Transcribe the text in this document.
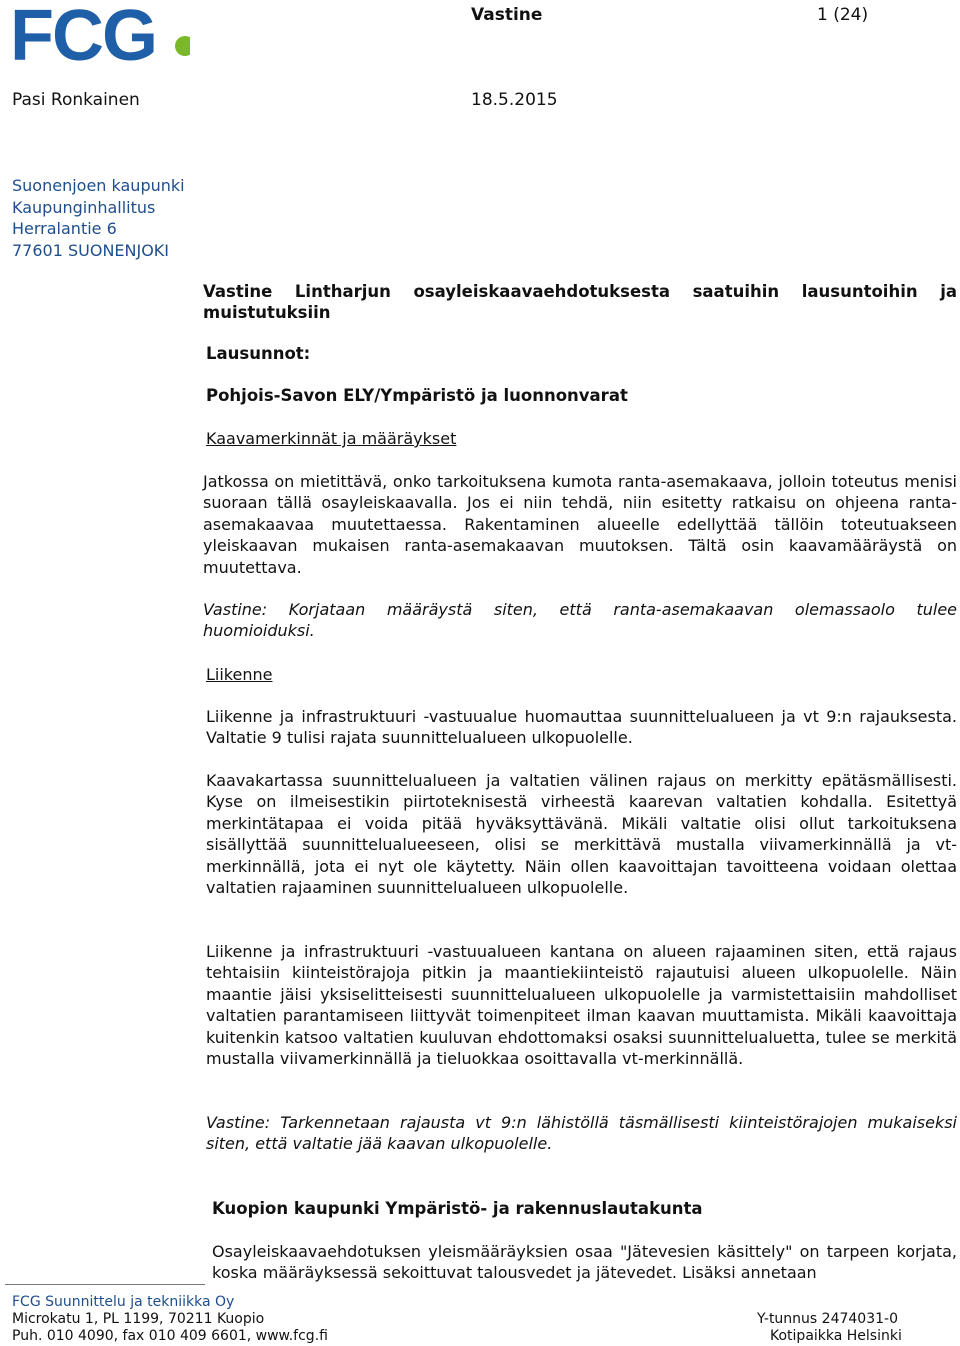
FCG	Vastine	1 (24)
Pasi Ronkainen	18.5.2015
Suonenjoen kaupunki
Kaupunginhallitus
Herralantie 6
77601 SUONENJOKI

Vastine Lintharjun osayleiskaavaehdotuksesta saatuihin lausuntoihin ja muistutuksiin

Lausunnot:
Pohjois-Savon ELY/Ympäristö ja luonnonvarat
Kaavamerkinnät ja määräykset

Jatkossa on mietittävä, onko tarkoituksena kumota ranta-asemakaava, jolloin toteutus menisi suoraan tällä osayleiskaavalla. Jos ei niin tehdä, niin esitetty ratkaisu on ohjeena ranta-asemakaavaa muutettaessa. Rakentaminen alueelle edellyttää tällöin toteutuakseen yleiskaavan mukaisen ranta-asemakaavan muutoksen. Tältä osin kaavamääräystä on muutettava.

Vastine: Korjataan määräystä siten, että ranta-asemakaavan olemassaolo tulee huomioiduksi.

Liikenne

Liikenne ja infrastruktuuri -vastuualue huomauttaa suunnittelualueen ja vt 9:n rajauksesta. Valtatie 9 tulisi rajata suunnittelualueen ulkopuolelle.

Kaavakartassa suunnittelualueen ja valtatien välinen rajaus on merkitty epätäsmällisesti. Kyse on ilmeisestikin piirtoteknisestä virheestä kaarevan valtatien kohdalla. Esitettyä merkintätapaa ei voida pitää hyväksyttävänä. Mikäli valtatie olisi ollut tarkoituksena sisällyttää suunnittelualueeseen, olisi se merkittävä mustalla viivamerkinnällä ja vt-merkinnällä, jota ei nyt ole käytetty. Näin ollen kaavoittajan tavoitteena voidaan olettaa valtatien rajaaminen suunnittelualueen ulkopuolelle.

Liikenne ja infrastruktuuri -vastuualueen kantana on alueen rajaaminen siten, että rajaus tehtaisiin kiinteistörajoja pitkin ja maantiekiinteistö rajautuisi alueen ulkopuolelle. Näin maantie jäisi yksiselitteisesti suunnittelualueen ulkopuolelle ja varmistettaisiin mahdolliset valtatien parantamiseen liittyvät toimenpiteet ilman kaavan muuttamista. Mikäli kaavoittaja kuitenkin katsoo valtatien kuuluvan ehdottomaksi osaksi suunnittelualuetta, tulee se merkitä mustalla viivamerkinnällä ja tieluokkaa osoittavalla vt-merkinnällä.

Vastine: Tarkennetaan rajausta vt 9:n lähistöllä täsmällisesti kiinteistörajojen mukaiseksi siten, että valtatie jää kaavan ulkopuolelle.

Kuopion kaupunki Ympäristö- ja rakennuslautakunta

Osayleiskaavaehdotuksen yleismääräyksien osaa "Jätevesien käsittely" on tarpeen korjata, koska määräyksessä sekoittuvat talousvedet ja jätevedet. Lisäksi annetaan

FCG Suunnittelu ja tekniikka Oy
Microkatu 1, PL 1199, 70211 Kuopio
Puh. 010 4090, fax 010 409 6601, www.fcg.fi
Y-tunnus 2474031-0
Kotipaikka Helsinki
